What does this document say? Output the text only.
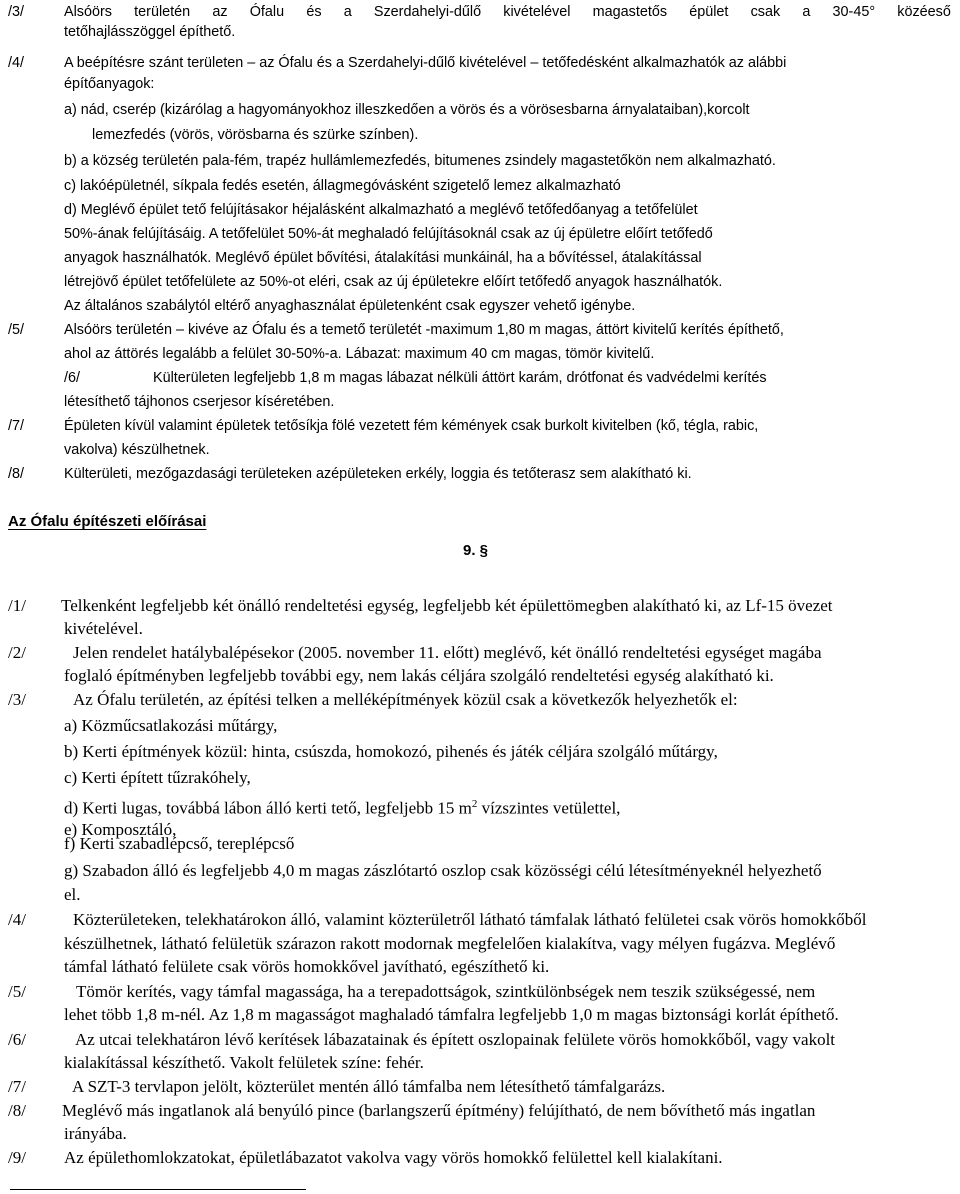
/3/	Alsóörs területén az Ófalu és a Szerdahelyi-dűlő kivételével magastetős épület csak a 30-45° közéeső
tetőhajlásszöggel építhető.
/4/	A beépítésre szánt területen – az Ófalu és a Szerdahelyi-dűlő kivételével – tetőfedésként alkalmazhatók az alábbi
építőanyagok:
a) nád, cserép (kizárólag a hagyományokhoz illeszkedően a vörös és a vörösesbarna árnyalataiban),korcolt
lemezfedés (vörös, vörösbarna és szürke színben).
b) a község területén pala-fém, trapéz hullámlemezfedés, bitumenes zsindely magastetőkön nem alkalmazható.
c) lakóépületnél, síkpala fedés esetén, állagmegóvásként szigetelő lemez alkalmazható
d) Meglévő épület tető felújításakor héjalásként alkalmazható a meglévő tetőfedőanyag a tetőfelület
50%-ának felújításáig. A tetőfelület 50%-át meghaladó felújításoknál csak az új épületre előírt tetőfedő
anyagok használhatók. Meglévő épület bővítési, átalakítási munkáinál, ha a bővítéssel, átalakítással
létrejövő épület tetőfelülete az 50%-ot eléri, csak az új épületekre előírt tetőfedő anyagok használhatók.
Az általános szabálytól eltérő anyaghasználat épületenként csak egyszer vehető igénybe.
/5/	Alsóörs területén – kivéve az Ófalu és a temető területét -maximum 1,80 m magas, áttört kivitelű kerítés építhető,
ahol az áttörés legalább a felület 30-50%-a. Lábazat: maximum 40 cm magas, tömör kivitelű.
/6/	Külterületen legfeljebb 1,8 m magas lábazat nélküli áttört karám, drótfonat és vadvédelmi kerítés
létesíthető tájhonos cserjesor kíséretében.
/7/	Épületen kívül valamint épületek tetősíkja fölé vezetett fém kémények csak burkolt kivitelben (kő, tégla, rabic,
vakolva) készülhetnek.
/8/	Külterületi, mezőgazdasági területeken azépületeken erkély, loggia és tetőterasz sem alakítható ki.
Az Ófalu építészeti előírásai
9. §
/1/ Telkenként legfeljebb két önálló rendeltetési egység, legfeljebb két épülettömegben alakítható ki, az Lf-15 övezet
kivételével.
/2/	Jelen rendelet hatálybalépésekor (2005. november 11. előtt) meglévő, két önálló rendeltetési egységet magába
foglaló építményben legfeljebb további egy, nem lakás céljára szolgáló rendeltetési egység alakítható ki.
/3/	Az Ófalu területén, az építési telken a melléképítmények közül csak a következők helyezhetők el:
a) Közműcsatlakozási műtárgy,
b) Kerti építmények közül: hinta, csúszda, homokozó, pihenés és játék céljára szolgáló műtárgy,
c) Kerti épített tűzrakóhely,
d) Kerti lugas, továbbá lábon álló kerti tető, legfeljebb 15 $m^2$ vízszintes vetülettel,
e) Komposztáló,
f) Kerti szabadlépcső, tereplépcső
g) Szabadon álló és legfeljebb 4,0 m magas zászlótartó oszlop csak közösségi célú létesítményeknél helyezhető
el.
/4/	Közterületeken, telekhatárokon álló, valamint közterületről látható támfalak látható felületei csak vörös homokkőből
készülhetnek, látható felületük szárazon rakott modornak megfelelően kialakítva, vagy mélyen fugázva. Meglévő
támfal látható felülete csak vörös homokkővel javítható, egészíthető ki.
/5/	Tömör kerítés, vagy támfal magassága, ha a terepadottságok, szintkülönbségek nem teszik szükségessé, nem
lehet több 1,8 m-nél. Az 1,8 m magasságot maghaladó támfalra legfeljebb 1,0 m magas biztonsági korlát építhető.
/6/	Az utcai telekhatáron lévő kerítések lábazatainak és épített oszlopainak felülete vörös homokkőből, vagy vakolt
kialakítással készíthető. Vakolt felületek színe: fehér.
/7/	A SZT-3 tervlapon jelölt, közterület mentén álló támfalba nem létesíthető támfalgarázs.
/8/ Meglévő más ingatlanok alá benyúló pince (barlangszerű építmény) felújítható, de nem bővíthető más ingatlan
irányába.
/9/ Az épülethomlokzatokat, épületlábazatot vakolva vagy vörös homokkő felülettel kell kialakítani.
